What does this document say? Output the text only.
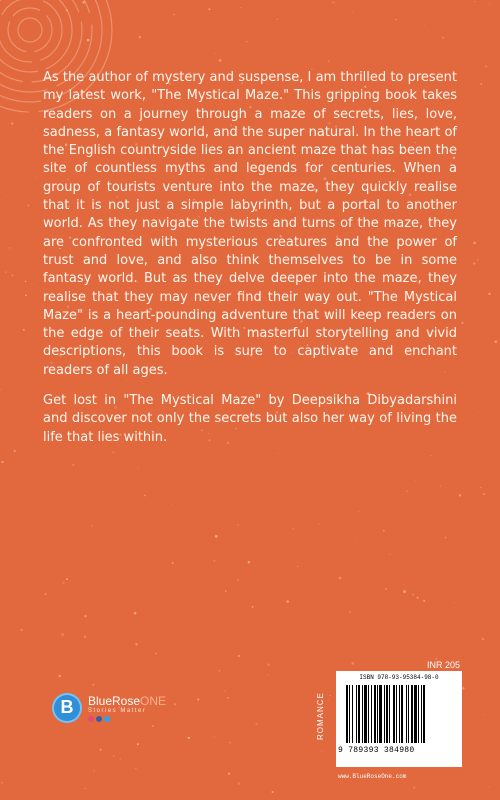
As the author of mystery and suspense, I am thrilled to present my latest work, "The Mystical Maze." This gripping book takes readers on a journey through a maze of secrets, lies, love, sadness, a fantasy world, and the super natural. In the heart of the English countryside lies an ancient maze that has been the site of countless myths and legends for centuries. When a group of tourists venture into the maze, they quickly realise that it is not just a simple labyrinth, but a portal to another world. As they navigate the twists and turns of the maze, they are confronted with mysterious creatures and the power of trust and love, and also think themselves to be in some fantasy world. But as they delve deeper into the maze, they realise that they may never find their way out. "The Mystical Maze" is a heart-pounding adventure that will keep readers on the edge of their seats. With masterful storytelling and vivid descriptions, this book is sure to captivate and enchant readers of all ages.

Get lost in "The Mystical Maze" by Deepsikha Dibyadarshini and discover not only the secrets but also her way of living the life that lies within.

B	BlueRoseONE
Stories Matter
INR 205
ROMANCE
ISBN 978-93-95384-98-0
9 789393 384980
www.BlueRoseOne.com
